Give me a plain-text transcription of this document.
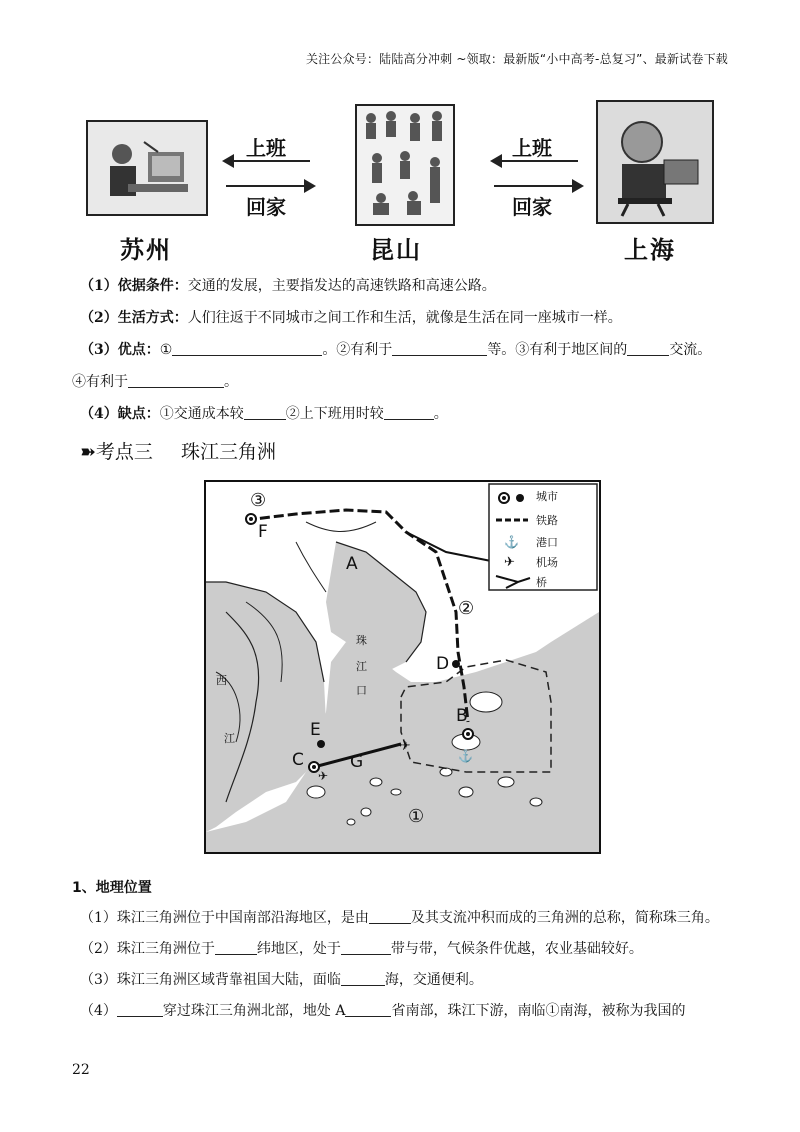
关注公众号：陆陆高分冲刺 ~领取：最新版“小中高考-总复习”、最新试卷下载
上班
回家
上班
回家
苏州	昆山	上海
（1）依据条件：交通的发展，主要指发达的高速铁路和高速公路。
（2）生活方式：人们往返于不同城市之间工作和生活，就像是生活在同一座城市一样。
（3）优点：①	。②有利于	等。③有利于地区间的	交流。
④有利于	。
（4）缺点：①交通成本较	②上下班用时较	。
➽考点三 珠江三角洲
✈
✈
⚓
⚓
✈
城市
铁路
港口
机场
桥
A
B
C
D
E
F
G
①
②
③
珠
江
口
西
江
1、地理位置
（1）珠江三角洲位于中国南部沿海地区，是由	及其支流冲积而成的三角洲的总称，简称珠三角。
（2）珠江三角洲位于	纬地区，处于	带与带，气候条件优越，农业基础较好。
（3）珠江三角洲区域背靠祖国大陆，面临	海，交通便利。
（4）	穿过珠江三角洲北部，地处 A	省南部，珠江下游，南临①南海，被称为我国的
22
